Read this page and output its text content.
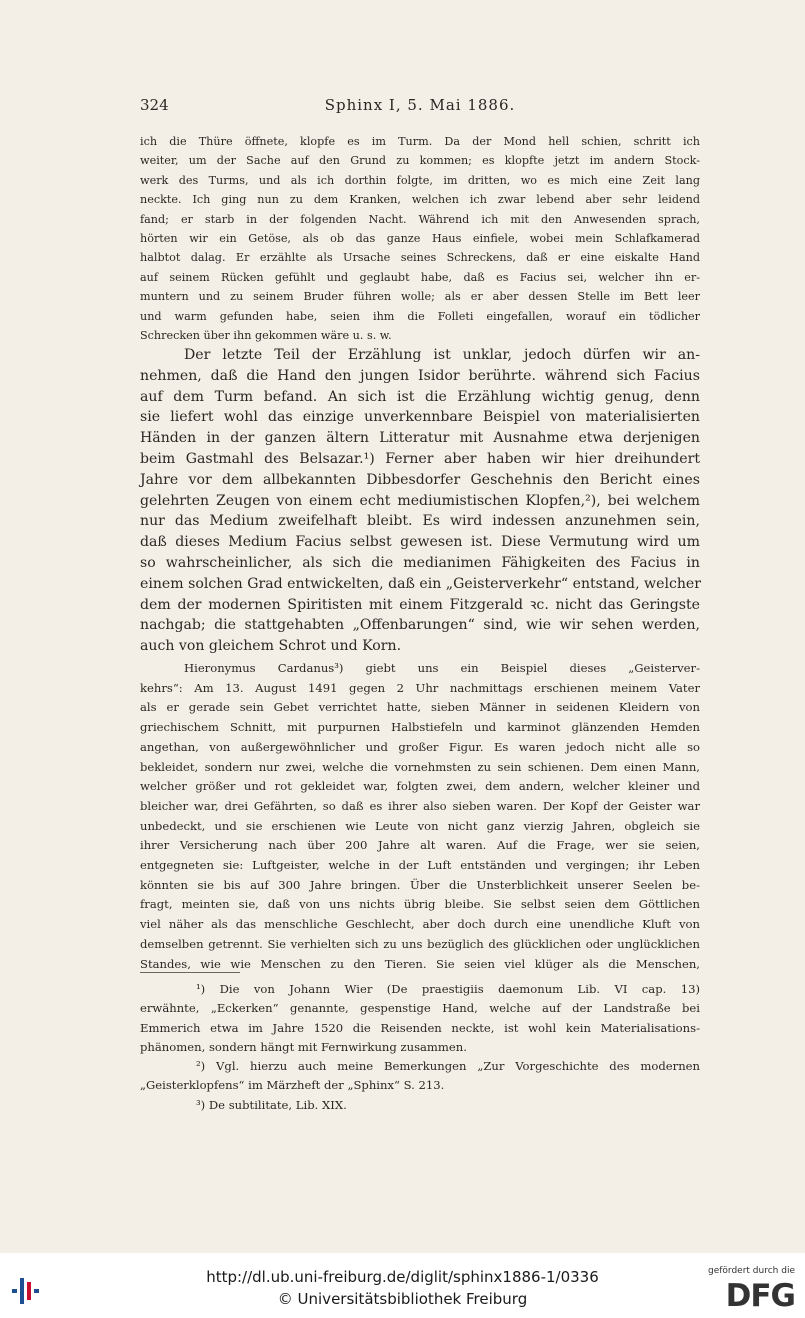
324	Sphinx I, 5. Mai 1886.
ich die Thüre öffnete, klopfe es im Turm. Da der Mond hell schien, schritt ich
weiter, um der Sache auf den Grund zu kommen; es klopfte jetzt im andern Stock-
werk des Turms, und als ich dorthin folgte, im dritten, wo es mich eine Zeit lang
neckte. Ich ging nun zu dem Kranken, welchen ich zwar lebend aber sehr leidend
fand; er starb in der folgenden Nacht. Während ich mit den Anwesenden sprach,
hörten wir ein Getöse, als ob das ganze Haus einfiele, wobei mein Schlafkamerad
halbtot dalag. Er erzählte als Ursache seines Schreckens, daß er eine eiskalte Hand
auf seinem Rücken gefühlt und geglaubt habe, daß es Facius sei, welcher ihn er-
muntern und zu seinem Bruder führen wolle; als er aber dessen Stelle im Bett leer
und warm gefunden habe, seien ihm die Folleti eingefallen, worauf ein tödlicher
Schrecken über ihn gekommen wäre u. s. w.
Der letzte Teil der Erzählung ist unklar, jedoch dürfen wir an-
nehmen, daß die Hand den jungen Isidor berührte. während sich Facius
auf dem Turm befand. An sich ist die Erzählung wichtig genug, denn
sie liefert wohl das einzige unverkennbare Beispiel von materialisierten
Händen in der ganzen ältern Litteratur mit Ausnahme etwa derjenigen
beim Gastmahl des Belsazar.¹) Ferner aber haben wir hier dreihundert
Jahre vor dem allbekannten Dibbesdorfer Geschehnis den Bericht eines
gelehrten Zeugen von einem echt mediumistischen Klopfen,²), bei welchem
nur das Medium zweifelhaft bleibt. Es wird indessen anzunehmen sein,
daß dieses Medium Facius selbst gewesen ist. Diese Vermutung wird um
so wahrscheinlicher, als sich die medianimen Fähigkeiten des Facius in
einem solchen Grad entwickelten, daß ein „Geisterverkehr“ entstand, welcher
dem der modernen Spiritisten mit einem Fitzgerald ꝛc. nicht das Geringste
nachgab; die stattgehabten „Offenbarungen“ sind, wie wir sehen werden,
auch von gleichem Schrot und Korn.
Hieronymus Cardanus³) giebt uns ein Beispiel dieses „Geisterver-
kehrs“: Am 13. August 1491 gegen 2 Uhr nachmittags erschienen meinem Vater
als er gerade sein Gebet verrichtet hatte, sieben Männer in seidenen Kleidern von
griechischem Schnitt, mit purpurnen Halbstiefeln und karminot glänzenden Hemden
angethan, von außergewöhnlicher und großer Figur. Es waren jedoch nicht alle so
bekleidet, sondern nur zwei, welche die vornehmsten zu sein schienen. Dem einen Mann,
welcher größer und rot gekleidet war, folgten zwei, dem andern, welcher kleiner und
bleicher war, drei Gefährten, so daß es ihrer also sieben waren. Der Kopf der Geister war
unbedeckt, und sie erschienen wie Leute von nicht ganz vierzig Jahren, obgleich sie
ihrer Versicherung nach über 200 Jahre alt waren. Auf die Frage, wer sie seien,
entgegneten sie: Luftgeister, welche in der Luft entständen und vergingen; ihr Leben
könnten sie bis auf 300 Jahre bringen. Über die Unsterblichkeit unserer Seelen be-
fragt, meinten sie, daß von uns nichts übrig bleibe. Sie selbst seien dem Göttlichen
viel näher als das menschliche Geschlecht, aber doch durch eine unendliche Kluft von
demselben getrennt. Sie verhielten sich zu uns bezüglich des glücklichen oder unglücklichen
Standes, wie wie Menschen zu den Tieren. Sie seien viel klüger als die Menschen,
¹) Die von Johann Wier (De praestigiis daemonum Lib. VI cap. 13)
erwähnte, „Eckerken“ genannte, gespenstige Hand, welche auf der Landstraße bei
Emmerich etwa im Jahre 1520 die Reisenden neckte, ist wohl kein Materialisations-
phänomen, sondern hängt mit Fernwirkung zusammen.
²) Vgl. hierzu auch meine Bemerkungen „Zur Vorgeschichte des modernen
„Geisterklopfens“ im Märzheft der „Sphinx“ S. 213.
³) De subtilitate, Lib. XIX.
http://dl.ub.uni-freiburg.de/diglit/sphinx1886-1/0336
© Universitätsbibliothek Freiburg
gefördert durch die
DFG
